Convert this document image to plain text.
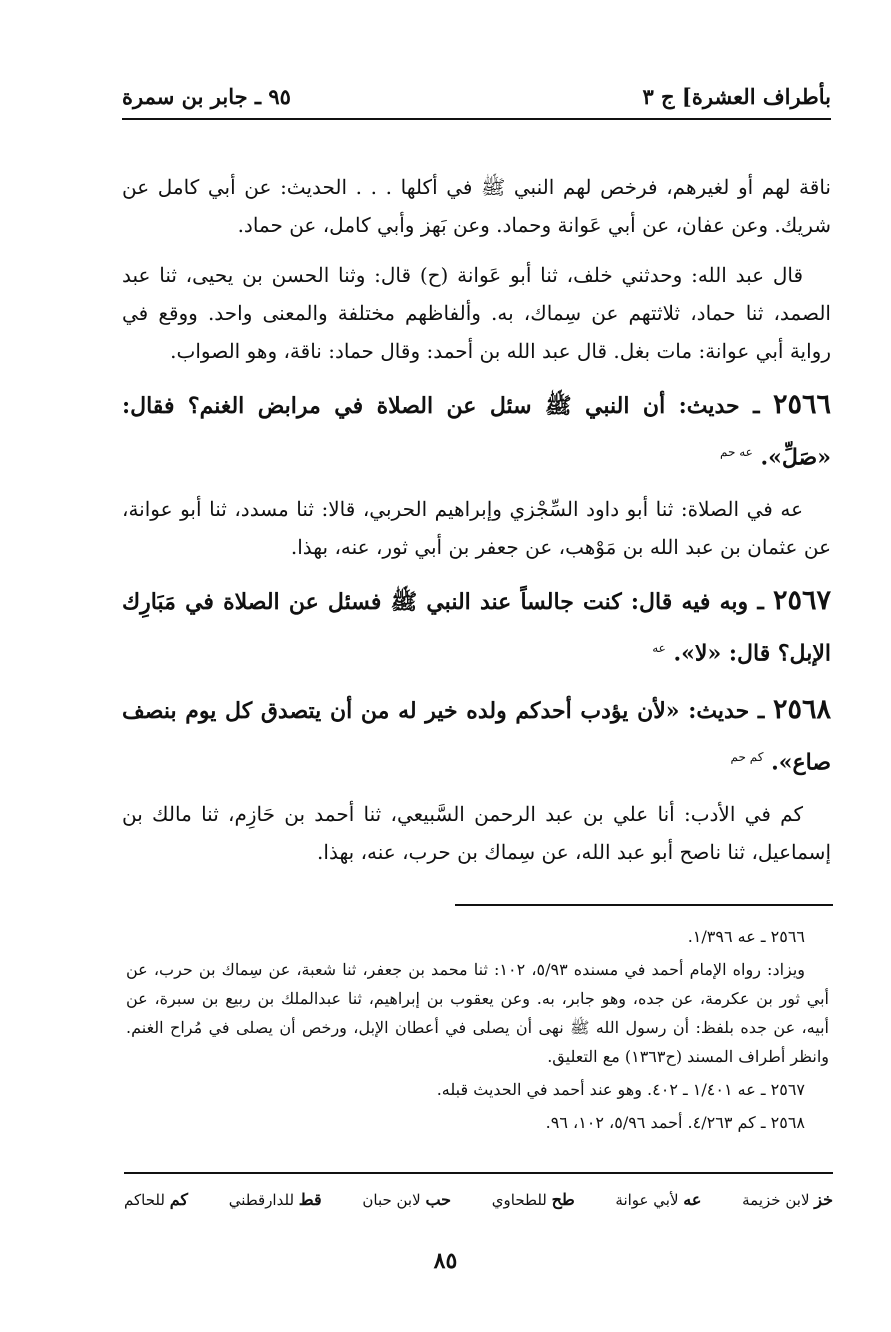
بأطراف العشرة] ج ٣
٩٥ ـ جابر بن سمرة

ناقة لهم أو لغيرهم، فرخص لهم النبي ﷺ في أكلها . . . الحديث: عن أبي كامل عن شريك. وعن عفان، عن أبي عَوانة وحماد. وعن بَهز وأبي كامل، عن حماد.

قال عبد الله: وحدثني خلف، ثنا أبو عَوانة (ح) قال: وثنا الحسن بن يحيى، ثنا عبد الصمد، ثنا حماد، ثلاثتهم عن سِماك، به. وألفاظهم مختلفة والمعنى واحد. ووقع في رواية أبي عوانة: مات بغل. قال عبد الله بن أحمد: وقال حماد: ناقة، وهو الصواب.

٢٥٦٦ ـ حديث: أن النبي ﷺ سئل عن الصلاة في مرابض الغنم؟ فقال: «صَلِّ». $^{عه حم}$

عه في الصلاة: ثنا أبو داود السِّجْزي وإبراهيم الحربي، قالا: ثنا مسدد، ثنا أبو عوانة، عن عثمان بن عبد الله بن مَوْهب، عن جعفر بن أبي ثور، عنه، بهذا.

٢٥٦٧ ـ وبه فيه قال: كنت جالساً عند النبي ﷺ فسئل عن الصلاة في مَبَارِك الإبل؟ قال: «لا». $^{عه}$

٢٥٦٨ ـ حديث: «لأن يؤدب أحدكم ولده خير له من أن يتصدق كل يوم بنصف صاع». $^{كم حم}$

كم في الأدب: أنا علي بن عبد الرحمن السَّبيعي، ثنا أحمد بن حَازِم، ثنا مالك بن إسماعيل، ثنا ناصح أبو عبد الله، عن سِماك بن حرب، عنه، بهذا.

٢٥٦٦ ـ عه ١/٣٩٦.

ويزاد: رواه الإمام أحمد في مسنده ٥/٩٣، ١٠٢: ثنا محمد بن جعفر، ثنا شعبة، عن سِماك بن حرب، عن أبي ثور بن عكرمة، عن جده، وهو جابر، به. وعن يعقوب بن إبراهيم، ثنا عبدالملك بن ربيع بن سبرة، عن أبيه، عن جده بلفظ: أن رسول الله ﷺ نهى أن يصلى في أعطان الإبل، ورخص أن يصلى في مُراح الغنم. وانظر أطراف المسند (ح١٣٦٣) مع التعليق.

٢٥٦٧ ـ عه ١/٤٠١ ـ ٤٠٢. وهو عند أحمد في الحديث قبله.

٢٥٦٨ ـ كم ٤/٢٦٣. أحمد ٥/٩٦، ١٠٢، ٩٦.

خز لابن خزيمة
عه لأبي عوانة
طح للطحاوي
حب لابن حبان
قط للدارقطني
كم للحاكم
٨٥
